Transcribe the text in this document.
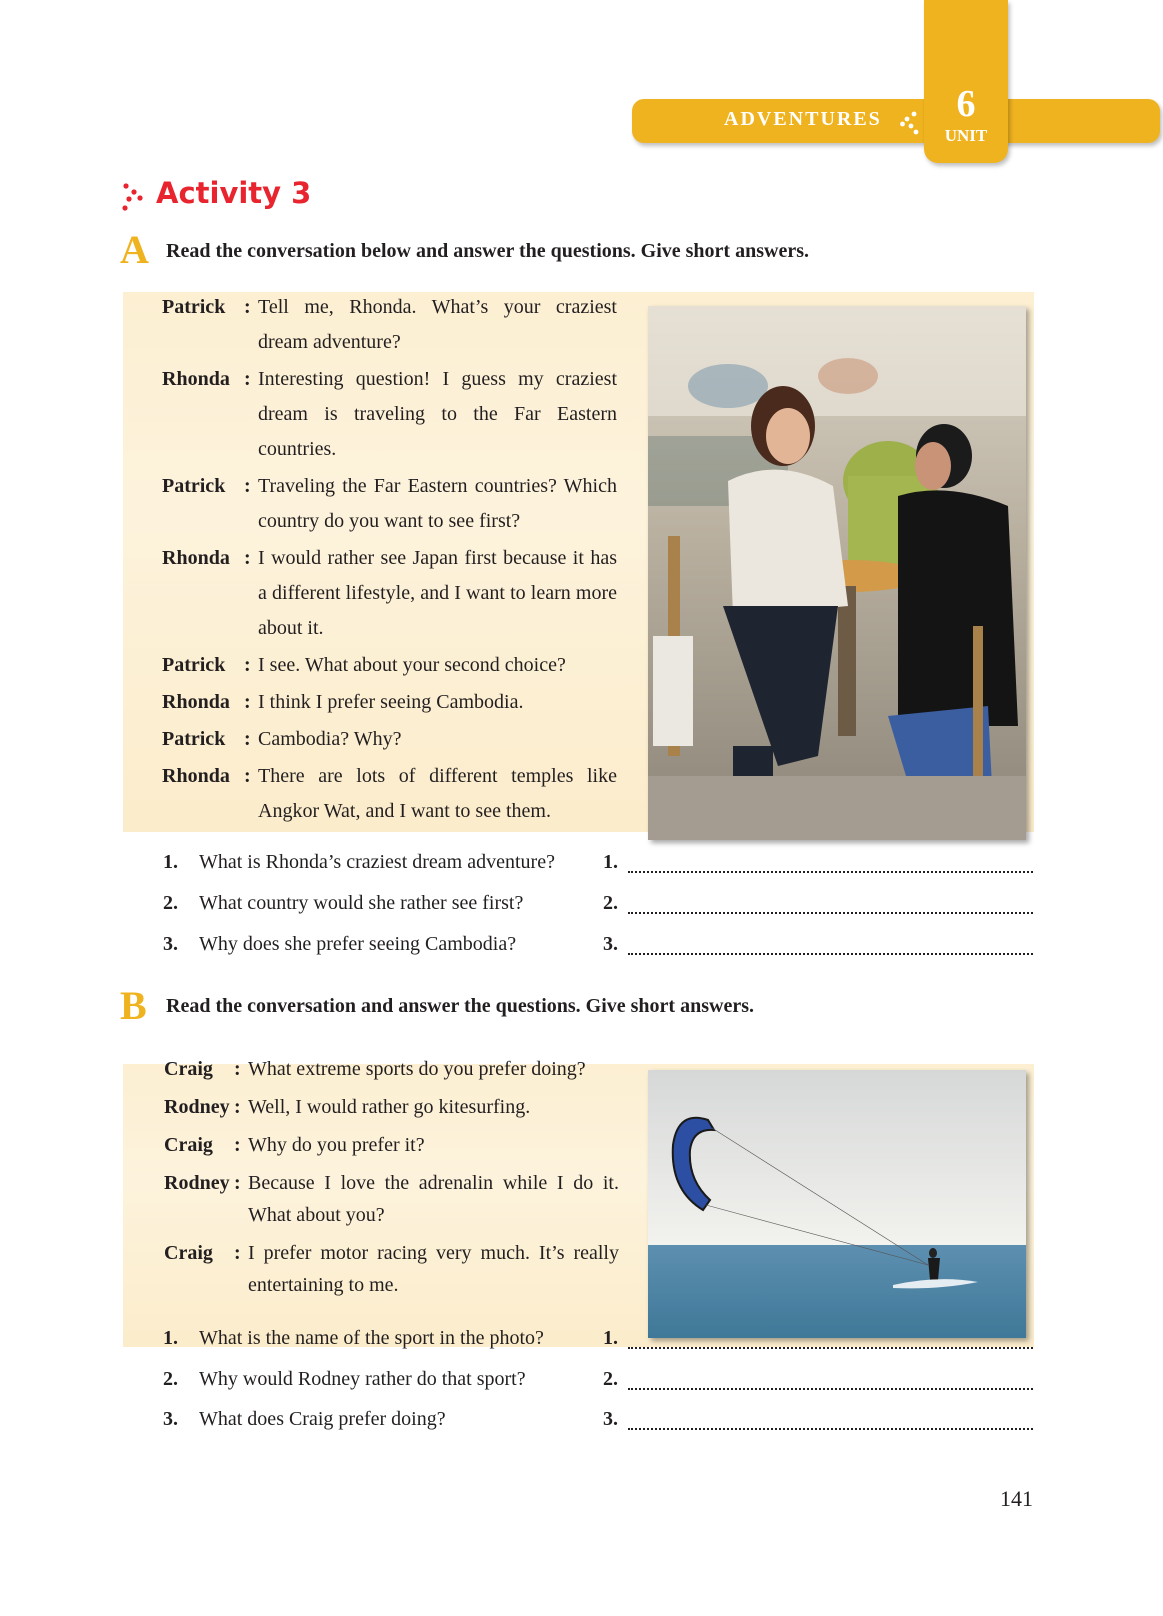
ADVENTURES	6
UNIT
Activity 3
A Read the conversation below and answer the questions. Give short answers.
Patrick : Tell me, Rhonda. What’s your craziest dream adventure?
Rhonda : Interesting question! I guess my craziest dream is traveling to the Far Eastern countries.
Patrick : Traveling the Far Eastern countries? Which country do you want to see first?
Rhonda : I would rather see Japan first because it has a different lifestyle, and I want to learn more about it.
Patrick : I see. What about your second choice?
Rhonda : I think I prefer seeing Cambodia.
Patrick : Cambodia? Why?
Rhonda : There are lots of different temples like Angkor Wat, and I want to see them.
1. What is Rhonda’s craziest dream adventure? 1.
2. What country would she rather see first?	2.
3. Why does she prefer seeing Cambodia?	3.
B Read the conversation and answer the questions. Give short answers.
Craig	: What extreme sports do you prefer doing?
Rodney : Well, I would rather go kitesurfing.
Craig	: Why do you prefer it?
Rodney : Because I love the adrenalin while I do it. What about you?
Craig	: I prefer motor racing very much. It’s really entertaining to me.
1. What is the name of the sport in the photo?	1.
2. Why would Rodney rather do that sport?	2.
3. What does Craig prefer doing?	3.
141
